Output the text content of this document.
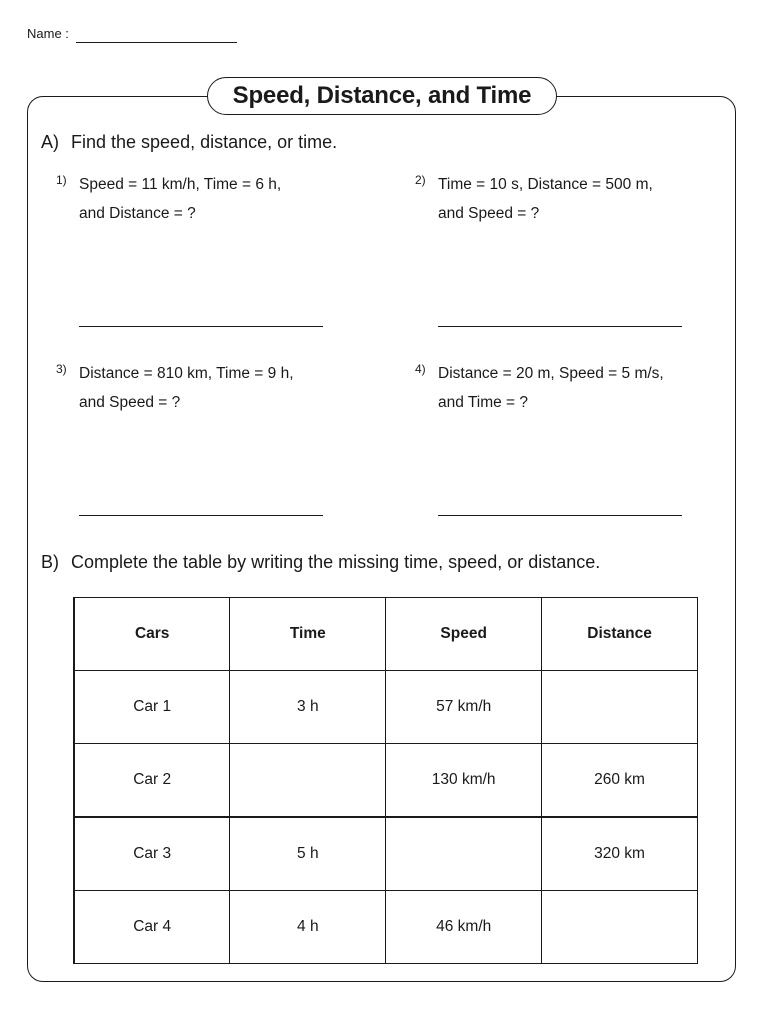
Name :
Speed, Distance, and Time
A) Find the speed, distance, or time.
1) Speed = 11 km/h, Time = 6 h,
and Distance = ?
2) Time = 10 s, Distance = 500 m,
and Speed = ?
3) Distance = 810 km, Time = 9 h,
and Speed = ?
4) Distance = 20 m, Speed = 5 m/s,
and Time = ?
B) Complete the table by writing the missing time, speed, or distance.
Cars	Time	Speed	Distance
Car 1	3 h	57 km/h	
Car 2		130 km/h	260 km
Car 3	5 h		320 km
Car 4	4 h	46 km/h	
